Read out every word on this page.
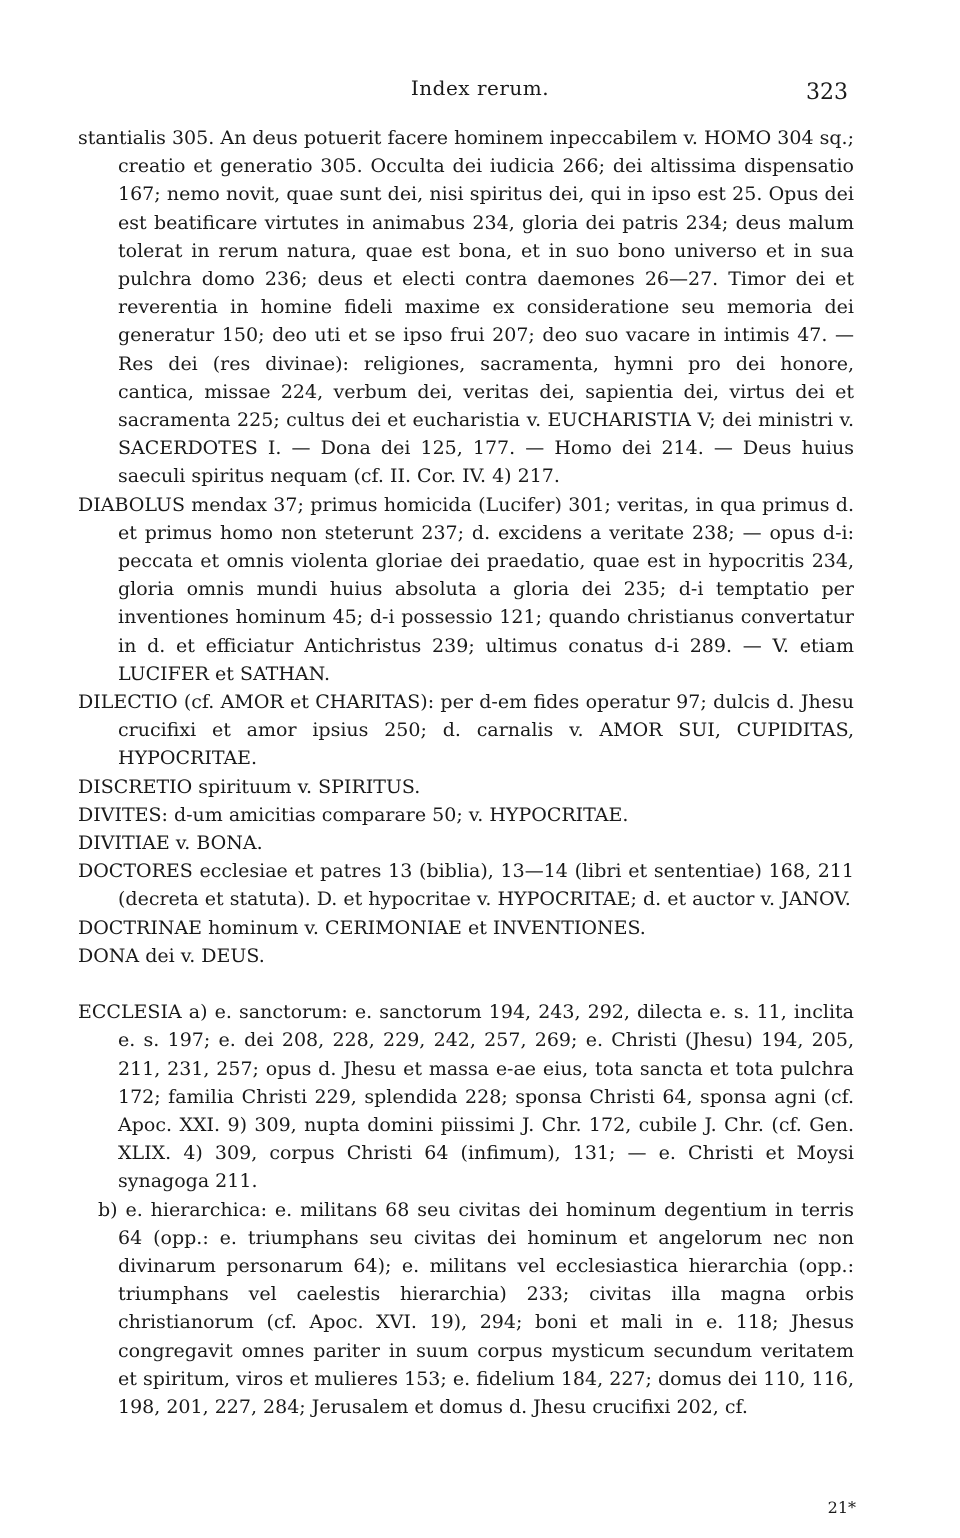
Index rerum.	323

stantialis 305. An deus potuerit facere hominem inpeccabilem v. HOMO 304 sq.; creatio et generatio 305. Occulta dei iudicia 266; dei altissima dispensatio 167; nemo novit, quae sunt dei, nisi spiritus dei, qui in ipso est 25. Opus dei est beatificare virtutes in animabus 234, gloria dei patris 234; deus malum tolerat in rerum natura, quae est bona, et in suo bono universo et in sua pulchra domo 236; deus et electi contra daemones 26—27. Timor dei et reverentia in homine fideli maxime ex consideratione seu memoria dei generatur 150; deo uti et se ipso frui 207; deo suo vacare in intimis 47. — Res dei (res divinae): religiones, sacramenta, hymni pro dei honore, cantica, missae 224, verbum dei, veritas dei, sapientia dei, virtus dei et sacramenta 225; cultus dei et eucharistia v. EUCHARISTIA V; dei ministri v. SACERDOTES I. — Dona dei 125, 177. — Homo dei 214. — Deus huius saeculi spiritus nequam (cf. II. Cor. IV. 4) 217.

DIABOLUS mendax 37; primus homicida (Lucifer) 301; veritas, in qua primus d. et primus homo non steterunt 237; d. excidens a veritate 238; — opus d-i: peccata et omnis violenta gloriae dei praedatio, quae est in hypocritis 234, gloria omnis mundi huius absoluta a gloria dei 235; d-i temptatio per inventiones hominum 45; d-i possessio 121; quando christianus convertatur in d. et efficiatur Antichristus 239; ultimus conatus d-i 289. — V. etiam LUCIFER et SATHAN.

DILECTIO (cf. AMOR et CHARITAS): per d-em fides operatur 97; dulcis d. Jhesu crucifixi et amor ipsius 250; d. carnalis v. AMOR SUI, CUPIDITAS, HYPOCRITAE.

DISCRETIO spirituum v. SPIRITUS.

DIVITES: d-um amicitias comparare 50; v. HYPOCRITAE.

DIVITIAE v. BONA.

DOCTORES ecclesiae et patres 13 (biblia), 13—14 (libri et sententiae) 168, 211 (decreta et statuta). D. et hypocritae v. HYPOCRITAE; d. et auctor v. JANOV.

DOCTRINAE hominum v. CERIMONIAE et INVENTIONES.

DONA dei v. DEUS.

ECCLESIA a) e. sanctorum: e. sanctorum 194, 243, 292, dilecta e. s. 11, inclita e. s. 197; e. dei 208, 228, 229, 242, 257, 269; e. Christi (Jhesu) 194, 205, 211, 231, 257; opus d. Jhesu et massa e-ae eius, tota sancta et tota pulchra 172; familia Christi 229, splendida 228; sponsa Christi 64, sponsa agni (cf. Apoc. XXI. 9) 309, nupta domini piissimi J. Chr. 172, cubile J. Chr. (cf. Gen. XLIX. 4) 309, corpus Christi 64 (infimum), 131; — e. Christi et Moysi synagoga 211.

b) e. hierarchica: e. militans 68 seu civitas dei hominum degentium in terris 64 (opp.: e. triumphans seu civitas dei hominum et angelorum nec non divinarum personarum 64); e. militans vel ecclesiastica hierarchia (opp.: triumphans vel caelestis hierarchia) 233; civitas illa magna orbis christianorum (cf. Apoc. XVI. 19), 294; boni et mali in e. 118; Jhesus congregavit omnes pariter in suum corpus mysticum secundum veritatem et spiritum, viros et mulieres 153; e. fidelium 184, 227; domus dei 110, 116, 198, 201, 227, 284; Jerusalem et domus d. Jhesu crucifixi 202, cf.

21*
